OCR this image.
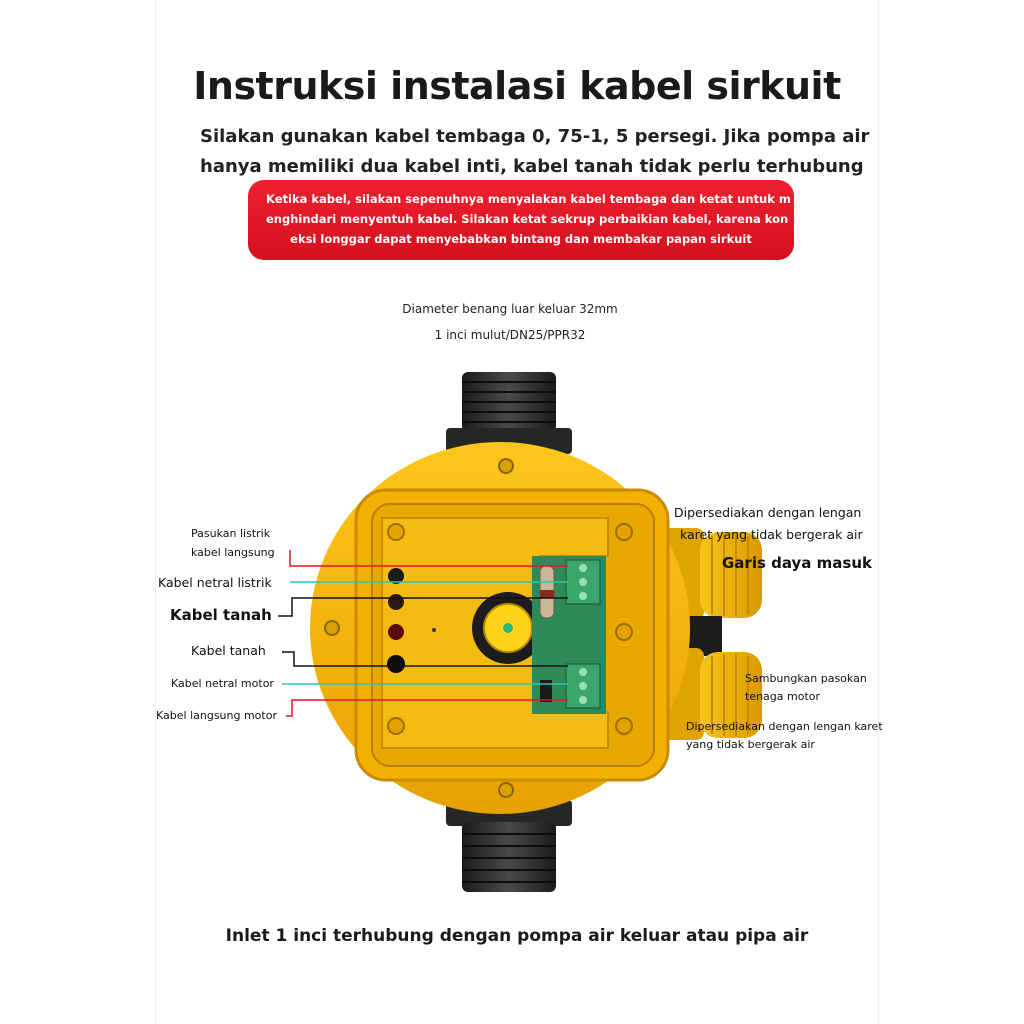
Instruksi instalasi kabel sirkuit
Silakan gunakan kabel tembaga 0, 75-1, 5 persegi. Jika pompa air
hanya memiliki dua kabel inti, kabel tanah tidak perlu terhubung
Ketika kabel, silakan sepenuhnya menyalakan kabel tembaga dan ketat untuk m
enghindari menyentuh kabel. Silakan ketat sekrup perbaikian kabel, karena kon
eksi longgar dapat menyebabkan bintang dan membakar papan sirkuit
Diameter benang luar keluar 32mm
1 inci mulut/DN25/PPR32
Pasukan listrik
kabel langsung
Kabel netral listrik
Kabel tanah
Kabel tanah
Kabel netral motor
Kabel langsung motor
Dipersediakan dengan lengan
karet yang tidak bergerak air
Garis daya masuk
Sambungkan pasokan
tenaga motor
Dipersediakan dengan lengan karet
yang tidak bergerak air
Inlet 1 inci terhubung dengan pompa air keluar atau pipa air
